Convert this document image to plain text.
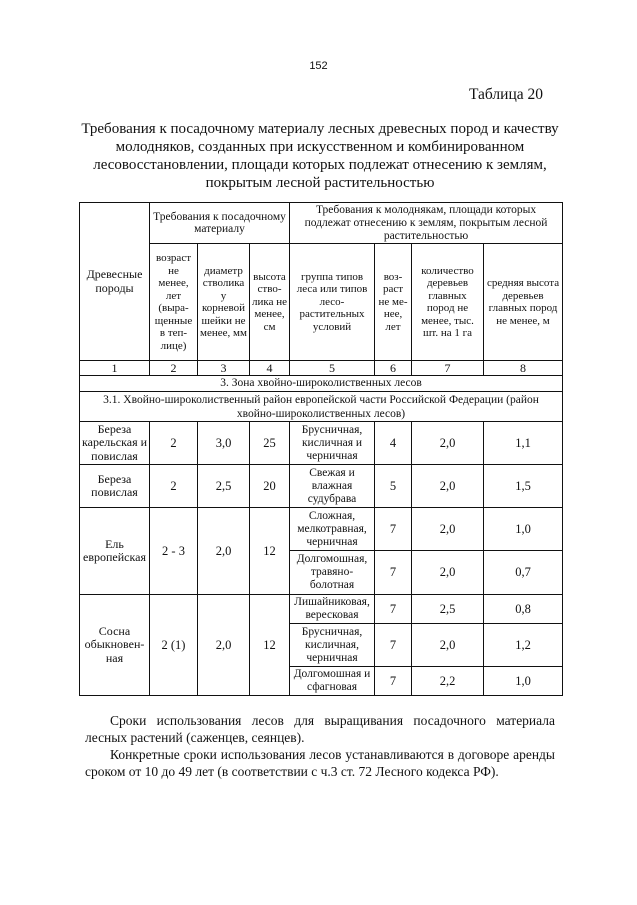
152
Таблица 20
Требования к посадочному материалу лесных древесных пород и качеству молодняков, созданных при искусственном и комбинированном лесовосстановлении, площади которых подлежат отнесению к землям, покрытым лесной растительностью
Древесные породы	Требования к посадочному материалу			Требования к молоднякам, площади которых подлежат отнесению к землям, покрытым лесной растительностью			
	возраст не менее, лет (выра-щенные в теп-лице)	диаметр стволика у корневой шейки не менее, мм	высота ство-лика не менее, см	группа типов леса или типов лесо-растительных условий	воз-раст не ме-нее, лет	количество деревьев главных пород не менее, тыс. шт. на 1 га	средняя высота деревьев главных пород не менее, м
1	2	3	4	5	6	7	8
3. Зона хвойно-широколиственных лесов							
3.1. Хвойно-широколиственный район европейской части Российской Федерации (район хвойно-широколиственных лесов)							
Береза карельская и повислая	2	3,0	25	Брусничная, кисличная и черничная	4	2,0	1,1
Береза повислая	2	2,5	20	Свежая и влажная судубрава	5	2,0	1,5
Ель европейская	2 - 3	2,0	12	Сложная, мелкотравная, черничная	7	2,0	1,0
				Долгомошная, травяно-болотная	7	2,0	0,7
Сосна обыкновен-ная	2 (1)	2,0	12	Лишайниковая, вересковая	7	2,5	0,8
				Брусничная, кисличная, черничная	7	2,0	1,2
				Долгомошная и сфагновая	7	2,2	1,0
Сроки использования лесов для выращивания посадочного материала лесных растений (саженцев, сеянцев).
Конкретные сроки использования лесов устанавливаются в договоре аренды сроком от 10 до 49 лет (в соответствии с ч.3 ст. 72 Лесного кодекса РФ).
